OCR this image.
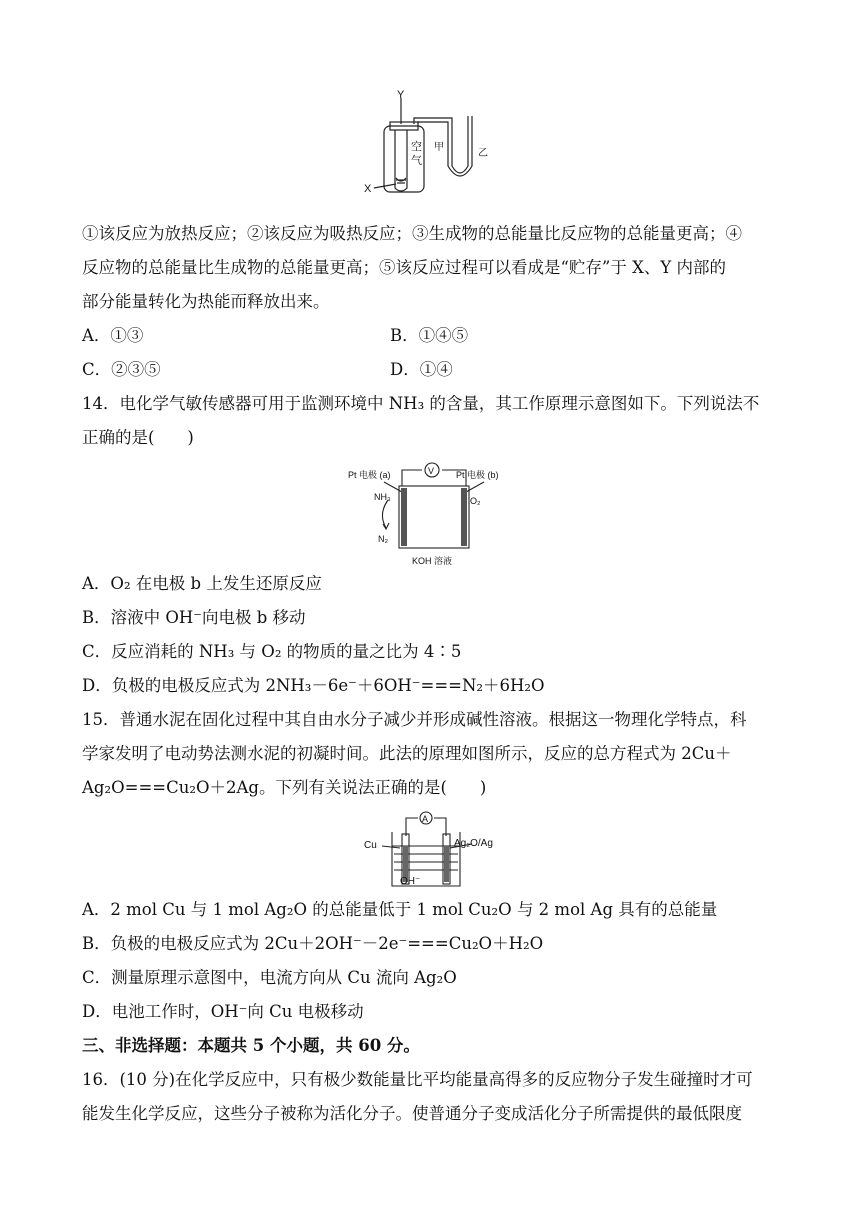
Y
X
空
气
甲
乙
①该反应为放热反应；②该反应为吸热反应；③生成物的总能量比反应物的总能量更高；④
反应物的总能量比生成物的总能量更高；⑤该反应过程可以看成是“贮存”于 X、Y 内部的
部分能量转化为热能而释放出来。
A．①③	B．①④⑤
C．②③⑤	D．①④
14．电化学气敏传感器可用于监测环境中 NH₃ 的含量，其工作原理示意图如下。下列说法不
正确的是(　　)
V
Pt 电极 (a)	Pt 电极 (b)
NH₃	O₂
N₂
KOH 溶液
A．O₂ 在电极 b 上发生还原反应
B．溶液中 OH⁻向电极 b 移动
C．反应消耗的 NH₃ 与 O₂ 的物质的量之比为 4∶5
D．负极的电极反应式为 2NH₃－6e⁻＋6OH⁻===N₂＋6H₂O
15．普通水泥在固化过程中其自由水分子减少并形成碱性溶液。根据这一物理化学特点，科
学家发明了电动势法测水泥的初凝时间。此法的原理如图所示，反应的总方程式为 2Cu＋
Ag₂O===Cu₂O＋2Ag。下列有关说法正确的是(　　)
A
Cu	Ag₂O/Ag
OH⁻
A．2 mol Cu 与 1 mol Ag₂O 的总能量低于 1 mol Cu₂O 与 2 mol Ag 具有的总能量
B．负极的电极反应式为 2Cu＋2OH⁻－2e⁻===Cu₂O＋H₂O
C．测量原理示意图中，电流方向从 Cu 流向 Ag₂O
D．电池工作时，OH⁻向 Cu 电极移动
三、非选择题：本题共 5 个小题，共 60 分。
16．(10 分)在化学反应中，只有极少数能量比平均能量高得多的反应物分子发生碰撞时才可
能发生化学反应，这些分子被称为活化分子。使普通分子变成活化分子所需提供的最低限度
